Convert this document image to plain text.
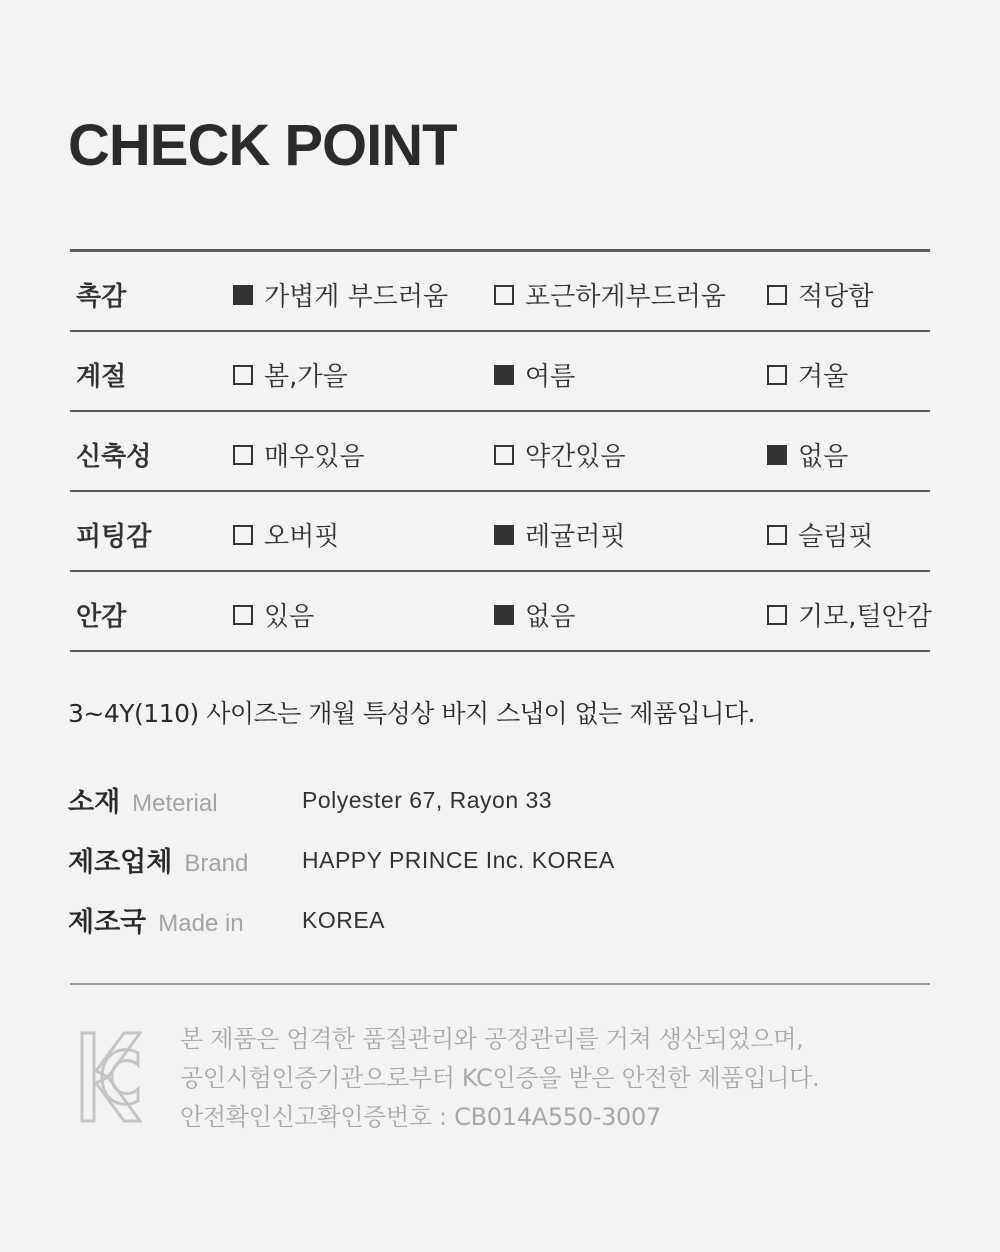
CHECK POINT
촉감	가볍게 부드러움	포근하게부드러움	적당함
계절	봄,가을	여름	겨울
신축성	매우있음	약간있음	없음
피팅감	오버핏	레귤러핏	슬림핏
안감	있음	없음	기모,털안감
3~4Y(110) 사이즈는 개월 특성상 바지 스냅이 없는 제품입니다.
소재 Meterial	Polyester 67, Rayon 33
제조업체 Brand HAPPY PRINCE Inc. KOREA
제조국 Made in	KOREA
본 제품은 엄격한 품질관리와 공정관리를 거쳐 생산되었으며,
공인시험인증기관으로부터 KC인증을 받은 안전한 제품입니다.
안전확인신고확인증번호 : CB014A550-3007
